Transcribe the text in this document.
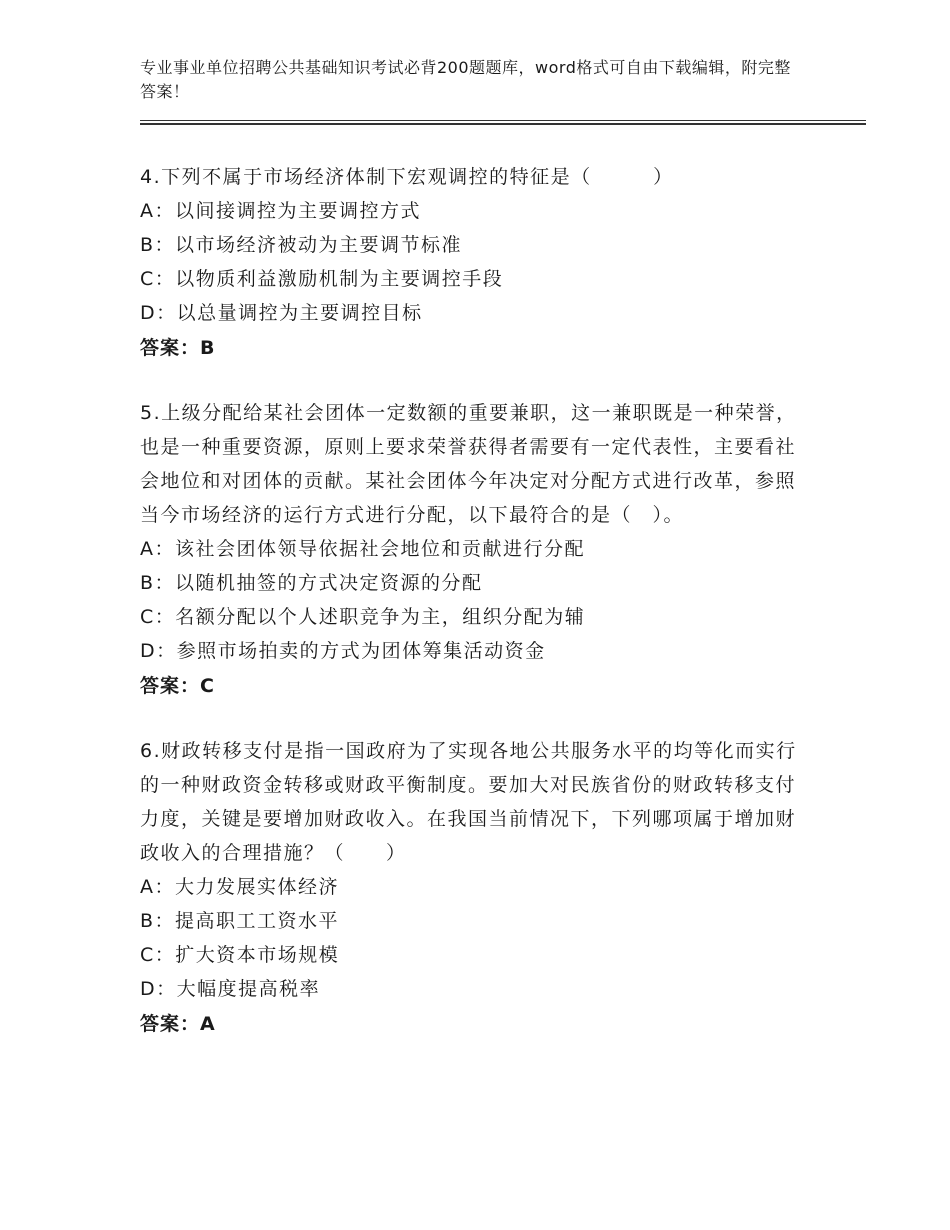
专业事业单位招聘公共基础知识考试必背200题题库，word格式可自由下载编辑，附完整答案！

4.下列不属于市场经济体制下宏观调控的特征是（　　　）

A：以间接调控为主要调控方式

B：以市场经济被动为主要调节标准

C：以物质利益激励机制为主要调控手段

D：以总量调控为主要调控目标

答案：B

5.上级分配给某社会团体一定数额的重要兼职，这一兼职既是一种荣誉，也是一种重要资源，原则上要求荣誉获得者需要有一定代表性，主要看社会地位和对团体的贡献。某社会团体今年决定对分配方式进行改革，参照当今市场经济的运行方式进行分配，以下最符合的是（　）。

A：该社会团体领导依据社会地位和贡献进行分配

B：以随机抽签的方式决定资源的分配

C：名额分配以个人述职竞争为主，组织分配为辅

D：参照市场拍卖的方式为团体筹集活动资金

答案：C

6.财政转移支付是指一国政府为了实现各地公共服务水平的均等化而实行的一种财政资金转移或财政平衡制度。要加大对民族省份的财政转移支付力度，关键是要增加财政收入。在我国当前情况下，下列哪项属于增加财政收入的合理措施？（　　）

A：大力发展实体经济

B：提高职工工资水平

C：扩大资本市场规模

D：大幅度提高税率

答案：A
